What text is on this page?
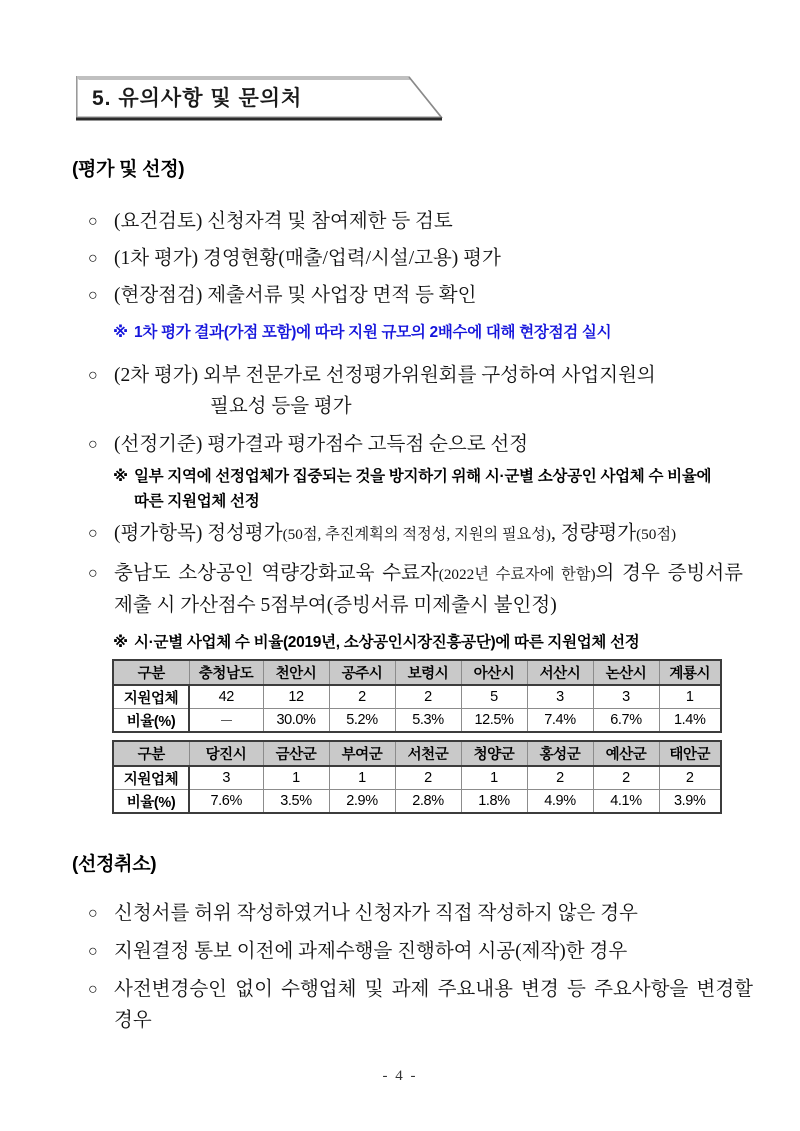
5. 유의사항 및 문의처
(평가 및 선정)
○ (요건검토) 신청자격 및 참여제한 등 검토
○ (1차 평가) 경영현황(매출/업력/시설/고용) 평가
○ (현장점검) 제출서류 및 사업장 면적 등 확인
※ 1차 평가 결과(가점 포함)에 따라 지원 규모의 2배수에 대해 현장점검 실시
○ (2차 평가) 외부 전문가로 선정평가위원회를 구성하여 사업지원의
필요성 등을 평가
○ (선정기준) 평가결과 평가점수 고득점 순으로 선정
※ 일부 지역에 선정업체가 집중되는 것을 방지하기 위해 시·군별 소상공인 사업체 수 비율에 따른 지원업체 선정
○ (평가항목) 정성평가(50점, 추진계획의 적정성, 지원의 필요성), 정량평가(50점)
○ 충남도 소상공인 역량강화교육 수료자(2022년 수료자에 한함)의 경우 증빙서류 제출 시 가산점수 5점부여(증빙서류 미제출시 불인정)
※ 시·군별 사업체 수 비율(2019년, 소상공인시장진흥공단)에 따른 지원업체 선정
구분	충청남도	천안시	공주시	보령시	아산시	서산시	논산시	계룡시
지원업체	42	12	2	2	5	3	3	1
비율(%)	－	30.0%	5.2%	5.3%	12.5%	7.4%	6.7%	1.4%
구분	당진시	금산군	부여군	서천군	청양군	홍성군	예산군	태안군
지원업체	3	1	1	2	1	2	2	2
비율(%)	7.6%	3.5%	2.9%	2.8%	1.8%	4.9%	4.1%	3.9%
(선정취소)
○ 신청서를 허위 작성하였거나 신청자가 직접 작성하지 않은 경우
○ 지원결정 통보 이전에 과제수행을 진행하여 시공(제작)한 경우
○ 사전변경승인 없이 수행업체 및 과제 주요내용 변경 등 주요사항을 변경할 경우
- 4 -
